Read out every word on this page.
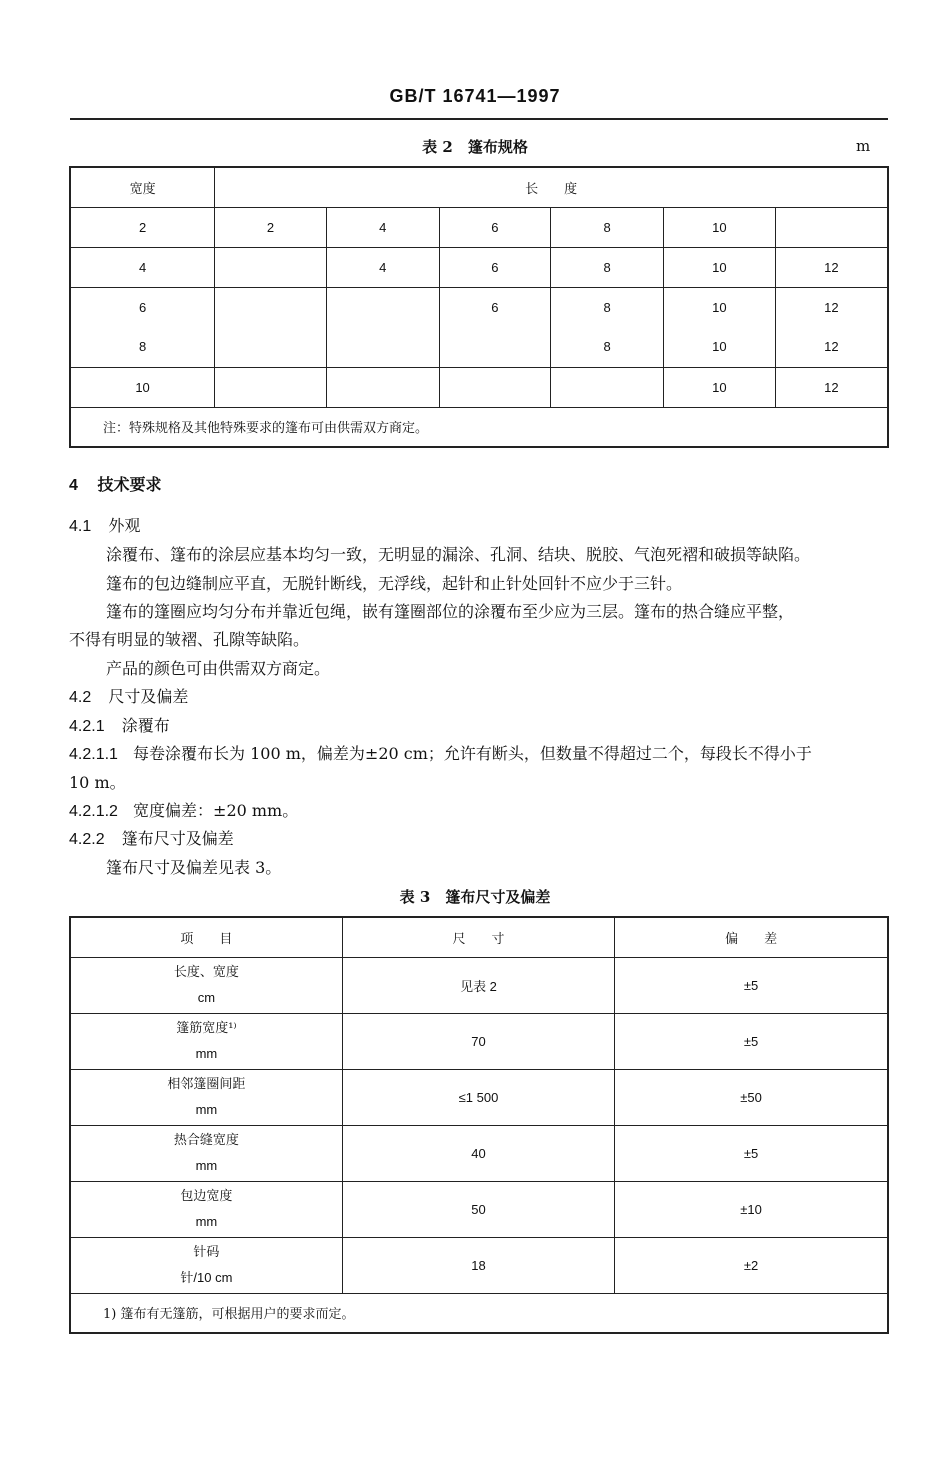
GB/T 16741—1997
表 2　篷布规格	m
宽度	长　　度					
2	2	4	6	8	10	
4		4	6	8	10	12
6			6	8	10	12
8				8	10	12
10					10	12
注：特殊规格及其他特殊要求的篷布可由供需双方商定。						
4 技术要求
4.1 外观
涂覆布、篷布的涂层应基本均匀一致，无明显的漏涂、孔洞、结块、脱胶、气泡死褶和破损等缺陷。
篷布的包边缝制应平直，无脱针断线，无浮线，起针和止针处回针不应少于三针。
篷布的篷圈应均匀分布并靠近包绳，嵌有篷圈部位的涂覆布至少应为三层。篷布的热合缝应平整，
不得有明显的皱褶、孔隙等缺陷。
产品的颜色可由供需双方商定。
4.2 尺寸及偏差
4.2.1 涂覆布
4.2.1.1 每卷涂覆布长为 100 m，偏差为±20 cm；允许有断头，但数量不得超过二个，每段长不得小于
10 m。
4.2.1.2 宽度偏差：±20 mm。
4.2.2 篷布尺寸及偏差
篷布尺寸及偏差见表 3。
表 3　篷布尺寸及偏差
项　　目	尺　　寸	偏　　差

长度、宽度
cm	见表 2	±5

篷筋宽度¹⁾
mm	70	±5

相邻篷圈间距
mm	≤1 500	±50

热合缝宽度
mm	40	±5

包边宽度
mm	50	±10

针码
针/10 cm	18	±2
1) 篷布有无篷筋，可根据用户的要求而定。		
